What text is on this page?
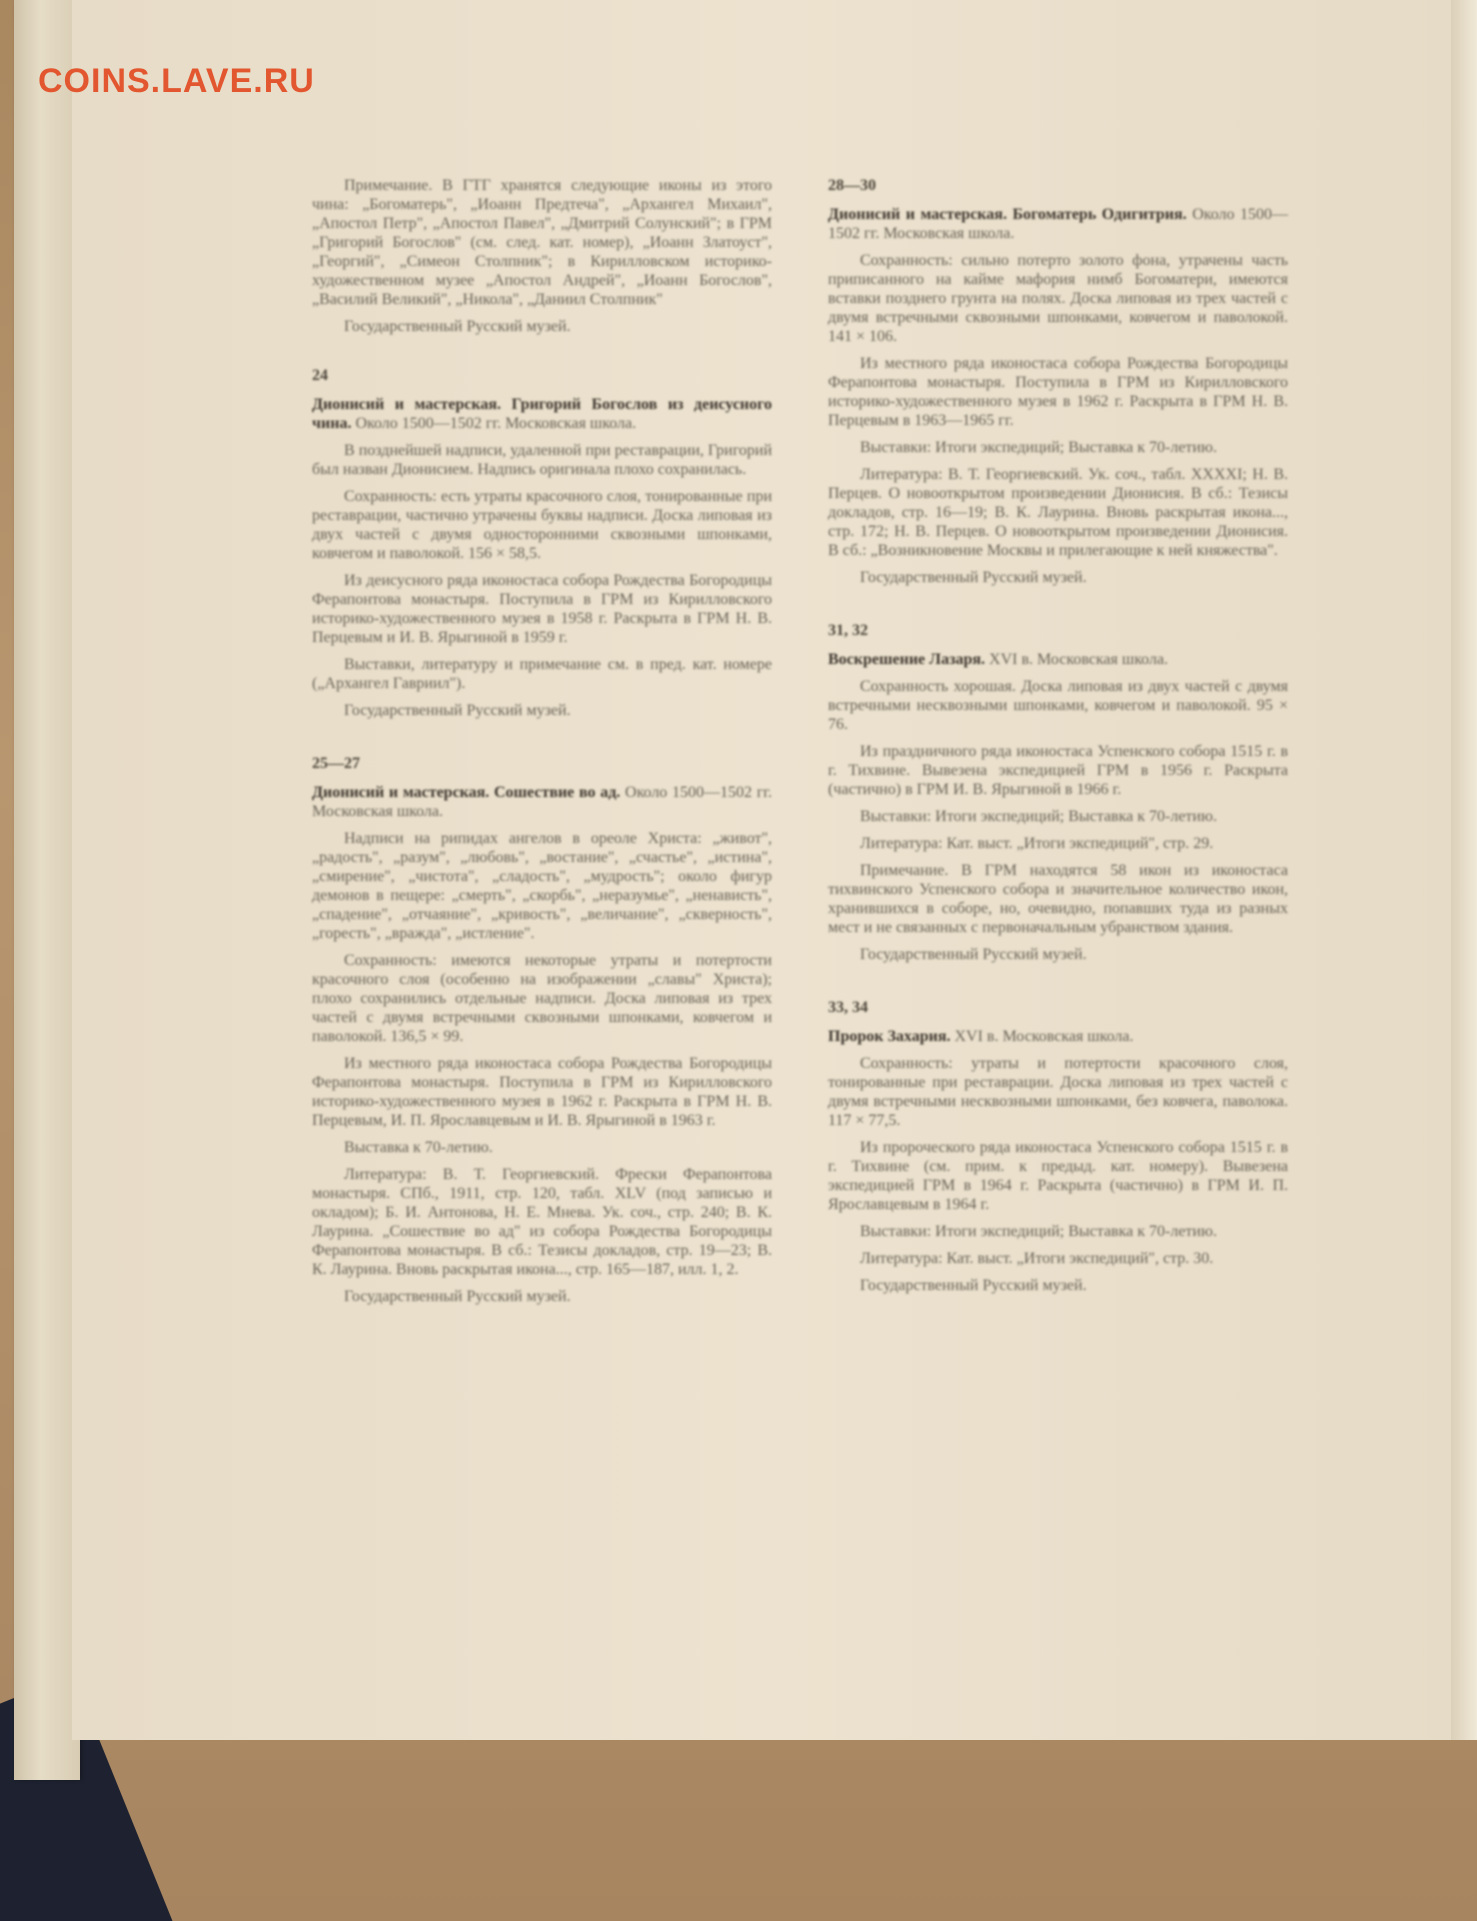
COINS.LAVE.RU

Примечание. В ГТГ хранятся следующие иконы из этого чина: „Богоматерь", „Иоанн Предтеча", „Архангел Михаил", „Апостол Петр", „Апостол Павел", „Дмитрий Солунский"; в ГРМ „Григорий Богослов" (см. след. кат. номер), „Иоанн Златоуст", „Георгий", „Симеон Столпник"; в Кирилловском историко-художественном музее „Апостол Андрей", „Иоанн Богослов", „Василий Великий", „Никола", „Даниил Столпник"

Государственный Русский музей.

24

Дионисий и мастерская. Григорий Богослов из деисусного чина. Около 1500—1502 гг. Московская школа.

В позднейшей надписи, удаленной при реставрации, Григорий был назван Дионисием. Надпись оригинала плохо сохранилась.

Сохранность: есть утраты красочного слоя, тонированные при реставрации, частично утрачены буквы надписи. Доска липовая из двух частей с двумя односторонними сквозными шпонками, ковчегом и паволокой. 156 × 58,5.

Из деисусного ряда иконостаса собора Рождества Богородицы Ферапонтова монастыря. Поступила в ГРМ из Кирилловского историко-художественного музея в 1958 г. Раскрыта в ГРМ Н. В. Перцевым и И. В. Ярыгиной в 1959 г.

Выставки, литературу и примечание см. в пред. кат. номере („Архангел Гавриил").

Государственный Русский музей.

25—27

Дионисий и мастерская. Сошествие во ад. Около 1500—1502 гг. Московская школа.

Надписи на рипидах ангелов в ореоле Христа: „живот", „радость", „разум", „любовь", „востание", „счастье", „истина", „смирение", „чистота", „сладость", „мудрость"; около фигур демонов в пещере: „смерть", „скорбь", „неразумье", „ненависть", „спадение", „отчаяние", „кривость", „величание", „скверность", „горесть", „вражда", „истление".

Сохранность: имеются некоторые утраты и потертости красочного слоя (особенно на изображении „славы" Христа); плохо сохранились отдельные надписи. Доска липовая из трех частей с двумя встречными сквозными шпонками, ковчегом и паволокой. 136,5 × 99.

Из местного ряда иконостаса собора Рождества Богородицы Ферапонтова монастыря. Поступила в ГРМ из Кирилловского историко-художественного музея в 1962 г. Раскрыта в ГРМ Н. В. Перцевым, И. П. Ярославцевым и И. В. Ярыгиной в 1963 г.

Выставка к 70-летию.

Литература: В. Т. Георгиевский. Фрески Ферапонтова монастыря. СПб., 1911, стр. 120, табл. XLV (под записью и окладом); Б. И. Антонова, Н. Е. Мнева. Ук. соч., стр. 240; В. К. Лаурина. „Сошествие во ад" из собора Рождества Богородицы Ферапонтова монастыря. В сб.: Тезисы докладов, стр. 19—23; В. К. Лаурина. Вновь раскрытая икона..., стр. 165—187, илл. 1, 2.

Государственный Русский музей.

28—30

Дионисий и мастерская. Богоматерь Одигитрия. Около 1500—1502 гг. Московская школа.

Сохранность: сильно потерто золото фона, утрачены часть приписанного на кайме мафория нимб Богоматери, имеются вставки позднего грунта на полях. Доска липовая из трех частей с двумя встречными сквозными шпонками, ковчегом и паволокой. 141 × 106.

Из местного ряда иконостаса собора Рождества Богородицы Ферапонтова монастыря. Поступила в ГРМ из Кирилловского историко-художественного музея в 1962 г. Раскрыта в ГРМ Н. В. Перцевым в 1963—1965 гг.

Выставки: Итоги экспедиций; Выставка к 70-летию.

Литература: В. Т. Георгиевский. Ук. соч., табл. XXXXI; Н. В. Перцев. О новооткрытом произведении Дионисия. В сб.: Тезисы докладов, стр. 16—19; В. К. Лаурина. Вновь раскрытая икона..., стр. 172; Н. В. Перцев. О новооткрытом произведении Дионисия. В сб.: „Возникновение Москвы и прилегающие к ней княжества".

Государственный Русский музей.

31, 32

Воскрешение Лазаря. XVI в. Московская школа.

Сохранность хорошая. Доска липовая из двух частей с двумя встречными несквозными шпонками, ковчегом и паволокой. 95 × 76.

Из праздничного ряда иконостаса Успенского собора 1515 г. в г. Тихвине. Вывезена экспедицией ГРМ в 1956 г. Раскрыта (частично) в ГРМ И. В. Ярыгиной в 1966 г.

Выставки: Итоги экспедиций; Выставка к 70-летию.

Литература: Кат. выст. „Итоги экспедиций", стр. 29.

Примечание. В ГРМ находятся 58 икон из иконостаса тихвинского Успенского собора и значительное количество икон, хранившихся в соборе, но, очевидно, попавших туда из разных мест и не связанных с первоначальным убранством здания.

Государственный Русский музей.

33, 34

Пророк Захария. XVI в. Московская школа.

Сохранность: утраты и потертости красочного слоя, тонированные при реставрации. Доска липовая из трех частей с двумя встречными несквозными шпонками, без ковчега, паволока. 117 × 77,5.

Из пророческого ряда иконостаса Успенского собора 1515 г. в г. Тихвине (см. прим. к предыд. кат. номеру). Вывезена экспедицией ГРМ в 1964 г. Раскрыта (частично) в ГРМ И. П. Ярославцевым в 1964 г.

Выставки: Итоги экспедиций; Выставка к 70-летию.

Литература: Кат. выст. „Итоги экспедиций", стр. 30.

Государственный Русский музей.
